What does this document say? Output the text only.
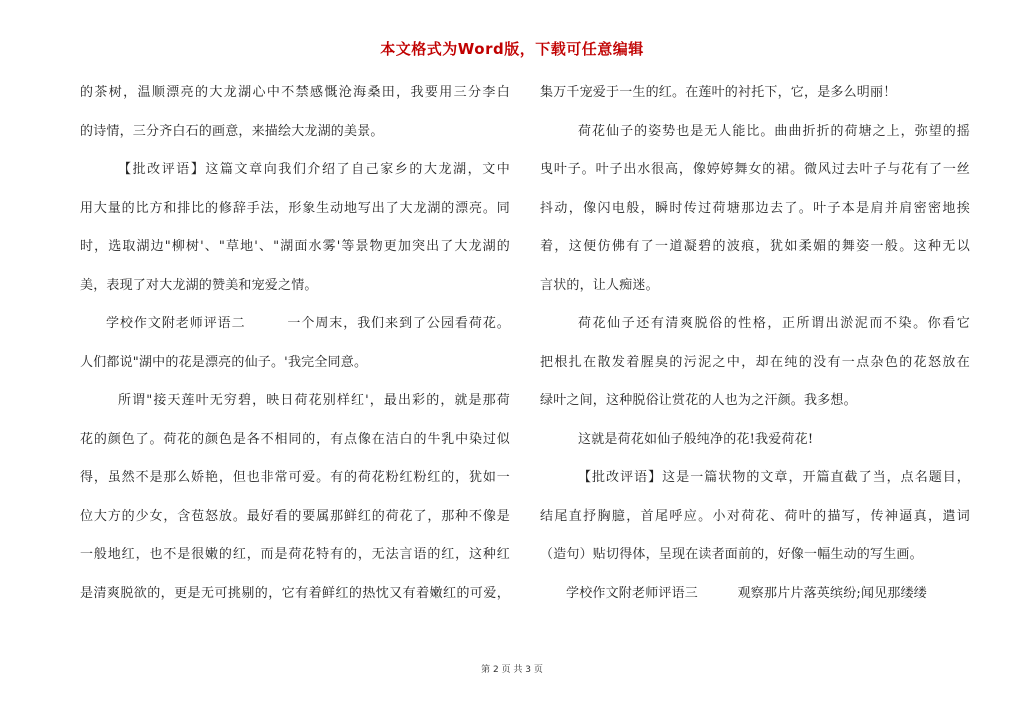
本文格式为Word版，下载可任意编辑
的茶树，温顺漂亮的大龙湖心中不禁感慨沧海桑田，我要用三分李白
的诗情，三分齐白石的画意，来描绘大龙湖的美景。
【批改评语】这篇文章向我们介绍了自己家乡的大龙湖，文中
用大量的比方和排比的修辞手法，形象生动地写出了大龙湖的漂亮。同
时，选取湖边"柳树'、"草地'、"湖面水雾'等景物更加突出了大龙湖的
美，表现了对大龙湖的赞美和宠爱之情。
学校作文附老师评语二　　　一个周末，我们来到了公园看荷花。
人们都说"湖中的花是漂亮的仙子。'我完全同意。
所谓"接天莲叶无穷碧，映日荷花别样红'，最出彩的，就是那荷
花的颜色了。荷花的颜色是各不相同的，有点像在洁白的牛乳中染过似
得，虽然不是那么娇艳，但也非常可爱。有的荷花粉红粉红的，犹如一
位大方的少女，含苞怒放。最好看的要属那鲜红的荷花了，那种不像是
一般地红，也不是很嫩的红，而是荷花特有的，无法言语的红，这种红
是清爽脱欲的，更是无可挑剔的，它有着鲜红的热忱又有着嫩红的可爱，
集万千宠爱于一生的红。在莲叶的衬托下，它，是多么明丽！
荷花仙子的姿势也是无人能比。曲曲折折的荷塘之上，弥望的摇
曳叶子。叶子出水很高，像婷婷舞女的裙。微风过去叶子与花有了一丝
抖动，像闪电般，瞬时传过荷塘那边去了。叶子本是肩并肩密密地挨
着，这便仿佛有了一道凝碧的波痕，犹如柔媚的舞姿一般。这种无以
言状的，让人痴迷。
荷花仙子还有清爽脱俗的性格，正所谓出淤泥而不染。你看它
把根扎在散发着腥臭的污泥之中，却在纯的没有一点杂色的花怒放在
绿叶之间，这种脱俗让赏花的人也为之汗颜。我多想。
这就是荷花如仙子般纯净的花!我爱荷花!
【批改评语】这是一篇状物的文章，开篇直截了当，点名题目，
结尾直抒胸臆，首尾呼应。小对荷花、荷叶的描写，传神逼真，遣词
（造句）贴切得体，呈现在读者面前的，好像一幅生动的写生画。
学校作文附老师评语三　　　观察那片片落英缤纷;闻见那缕缕
第 2 页 共 3 页
